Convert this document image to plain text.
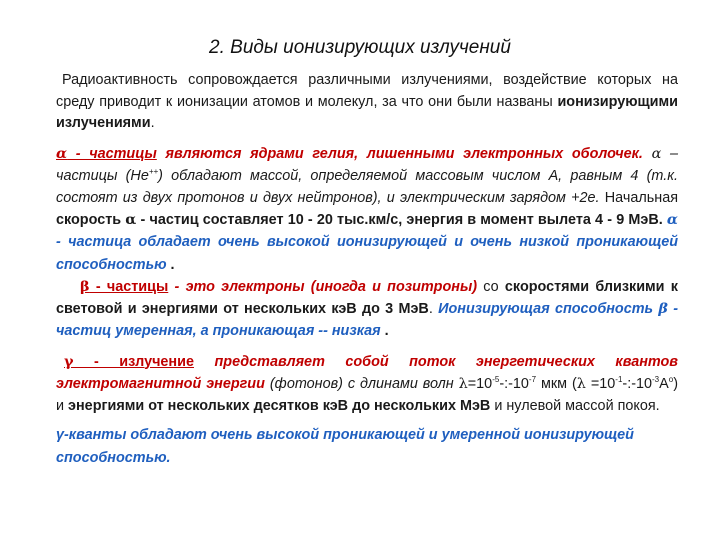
2. Виды ионизирующих излучений

Радиоактивность сопровождается различными излучениями, воздействие которых на среду приводит к ионизации атомов и молекул, за что они были названы ионизирующими излучениями.

α - частицы являются ядрами гелия, лишенными электронных оболочек. α – частицы (He++) обладают массой, определяемой массовым числом А, равным 4 (т.к. состоят из двух протонов и двух нейтронов), и электрическим зарядом +2е. Начальная скорость α - частиц составляет 10 - 20 тыс.км/с, энергия в момент вылета 4 - 9 МэВ. α - частица обладает очень высокой ионизирующей и очень низкой проникающей способностью .

β - частицы - это электроны (иногда и позитроны) со скоростями близкими к световой и энергиями от нескольких кэВ до 3 МэВ. Ионизирующая способность β - частиц умеренная, а проникающая -- низкая .

γ - излучение представляет собой поток энергетических квантов электромагнитной энергии (фотонов) с длинами волн $\lambda=10^{-5}-:-10^{-7}$ мкм $(\lambda =10^{-1}-:-10^{-3}А^о)$ и энергиями от нескольких десятков кэВ до нескольких МэВ и нулевой массой покоя.

γ-кванты обладают очень высокой проникающей и умеренной ионизирующей способностью.
